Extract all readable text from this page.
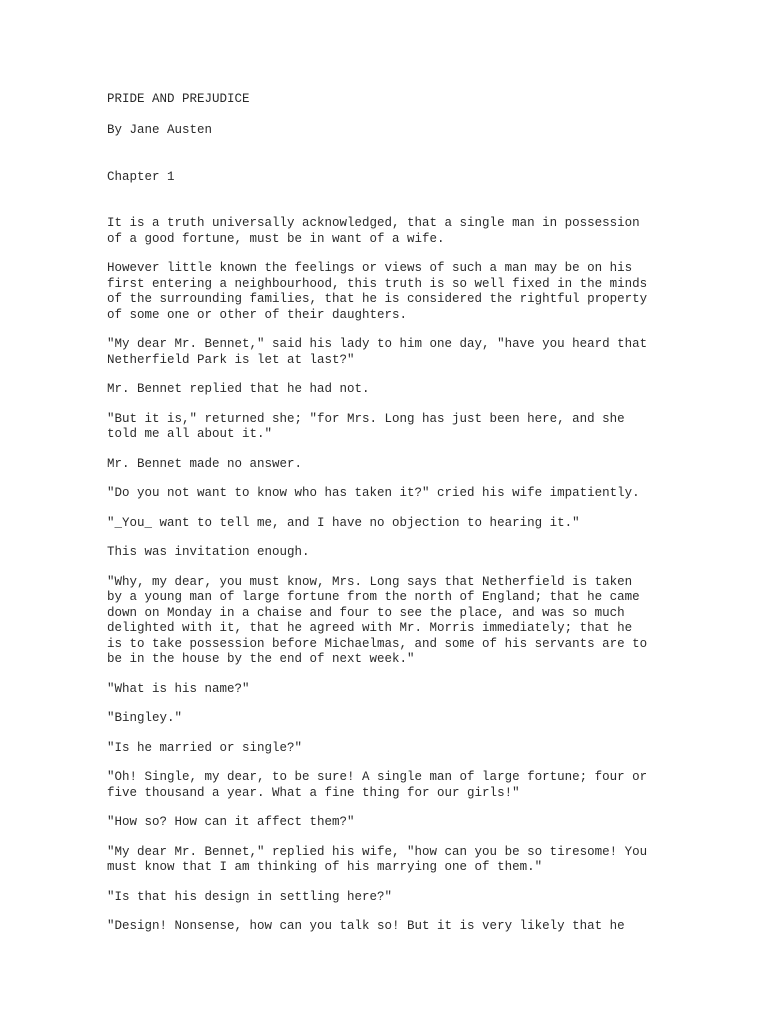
PRIDE AND PREJUDICE
By Jane Austen
Chapter 1
It is a truth universally acknowledged, that a single man in possession
of a good fortune, must be in want of a wife.
However little known the feelings or views of such a man may be on his
first entering a neighbourhood, this truth is so well fixed in the minds
of the surrounding families, that he is considered the rightful property
of some one or other of their daughters.
"My dear Mr. Bennet," said his lady to him one day, "have you heard that
Netherfield Park is let at last?"
Mr. Bennet replied that he had not.
"But it is," returned she; "for Mrs. Long has just been here, and she
told me all about it."
Mr. Bennet made no answer.
"Do you not want to know who has taken it?" cried his wife impatiently.
"_You_ want to tell me, and I have no objection to hearing it."
This was invitation enough.
"Why, my dear, you must know, Mrs. Long says that Netherfield is taken
by a young man of large fortune from the north of England; that he came
down on Monday in a chaise and four to see the place, and was so much
delighted with it, that he agreed with Mr. Morris immediately; that he
is to take possession before Michaelmas, and some of his servants are to
be in the house by the end of next week."
"What is his name?"
"Bingley."
"Is he married or single?"
"Oh! Single, my dear, to be sure! A single man of large fortune; four or
five thousand a year. What a fine thing for our girls!"
"How so? How can it affect them?"
"My dear Mr. Bennet," replied his wife, "how can you be so tiresome! You
must know that I am thinking of his marrying one of them."
"Is that his design in settling here?"
"Design! Nonsense, how can you talk so! But it is very likely that he
